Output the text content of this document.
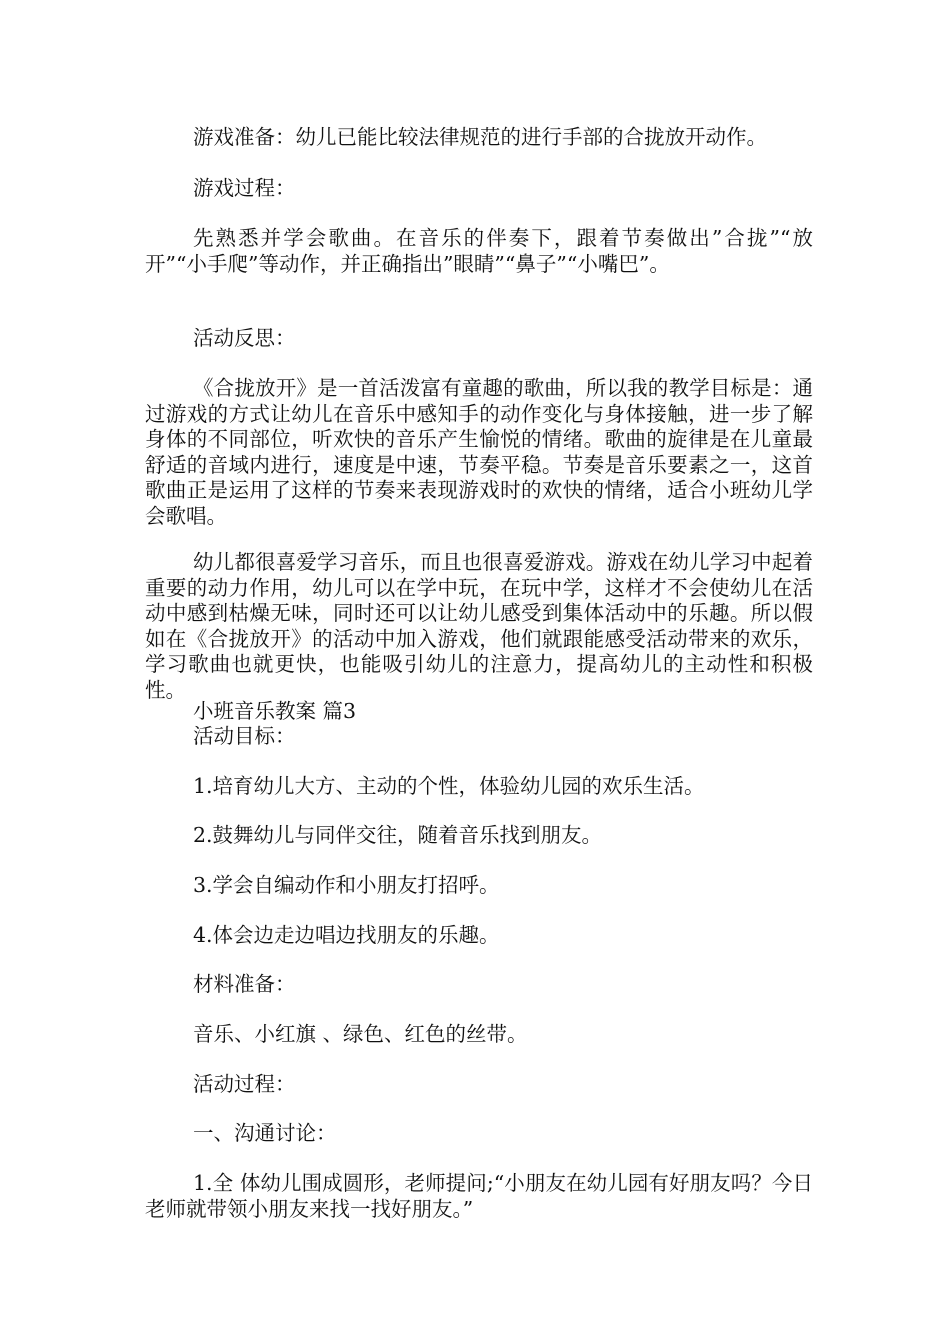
游戏准备：幼儿已能比较法律规范的进行手部的合拢放开动作。

游戏过程：

先熟悉并学会歌曲。在音乐的伴奏下，跟着节奏做出”合拢”“放开”“小手爬”等动作，并正确指出”眼睛”“鼻子”“小嘴巴”。

活动反思：

《合拢放开》是一首活泼富有童趣的歌曲，所以我的教学目标是：通过游戏的方式让幼儿在音乐中感知手的动作变化与身体接触，进一步了解身体的不同部位，听欢快的音乐产生愉悦的情绪。歌曲的旋律是在儿童最舒适的音域内进行，速度是中速，节奏平稳。节奏是音乐要素之一，这首歌曲正是运用了这样的节奏来表现游戏时的欢快的情绪，适合小班幼儿学会歌唱。

幼儿都很喜爱学习音乐，而且也很喜爱游戏。游戏在幼儿学习中起着重要的动力作用，幼儿可以在学中玩，在玩中学，这样才不会使幼儿在活动中感到枯燥无味，同时还可以让幼儿感受到集体活动中的乐趣。所以假如在《合拢放开》的活动中加入游戏，他们就跟能感受活动带来的欢乐，学习歌曲也就更快，也能吸引幼儿的注意力，提高幼儿的主动性和积极性。

小班音乐教案 篇3

活动目标：

1.培育幼儿大方、主动的个性，体验幼儿园的欢乐生活。

2.鼓舞幼儿与同伴交往，随着音乐找到朋友。

3.学会自编动作和小朋友打招呼。

4.体会边走边唱边找朋友的乐趣。

材料准备：

音乐、小红旗 、绿色、红色的丝带。

活动过程：

一、沟通讨论：

1.全 体幼儿围成圆形，老师提问;“小朋友在幼儿园有好朋友吗？今日老师就带领小朋友来找一找好朋友。”
